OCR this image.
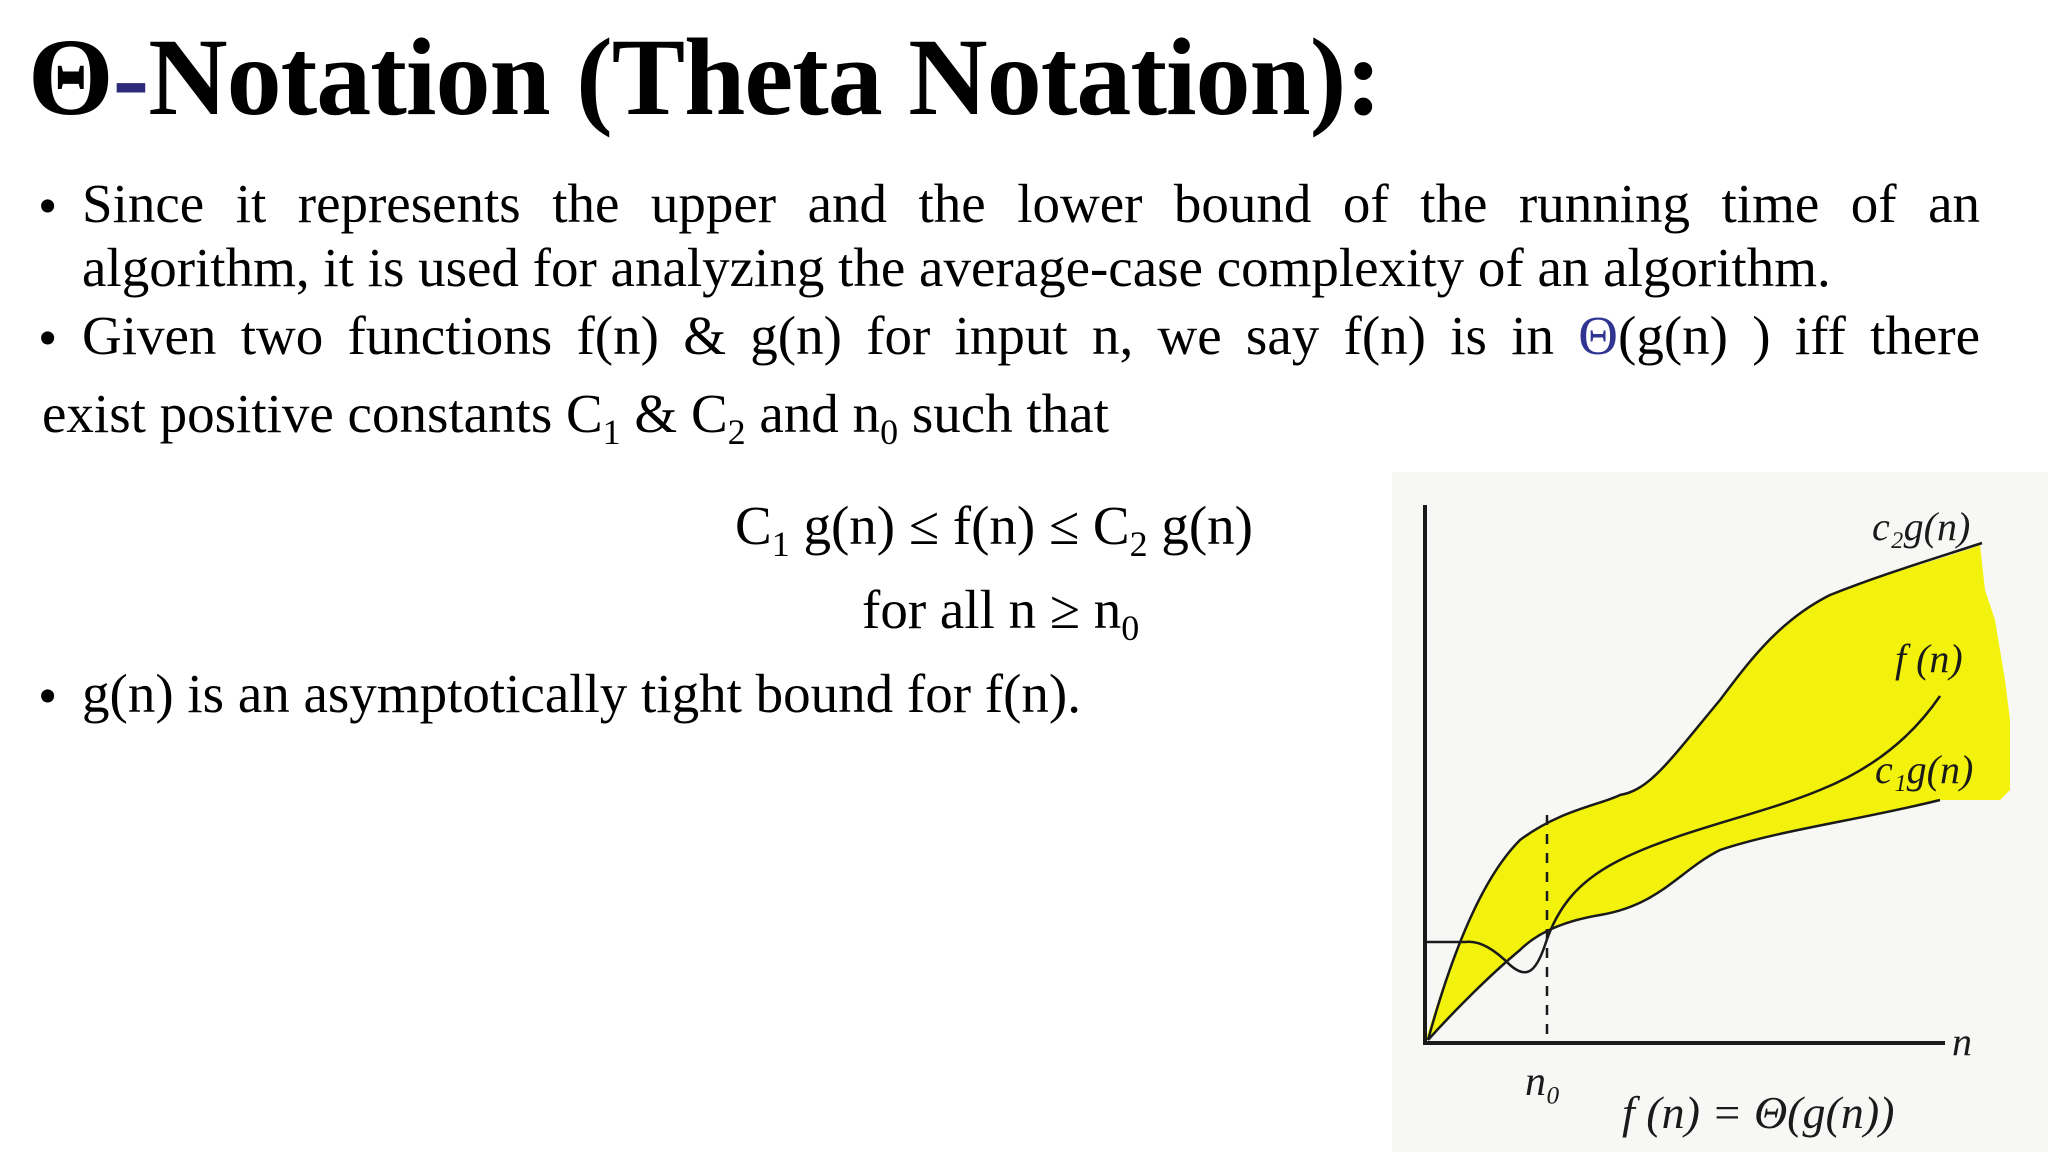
Θ-Notation (Theta Notation):
• Since it represents the upper and the lower bound of the running time of an
algorithm, it is used for analyzing the average-case complexity of an algorithm.
• Given two functions f(n) & g(n) for input n, we say f(n) is in Θ(g(n) ) iff there
exist positive constants $C_1$ & $C_2$ and $n_0$ such that
$C_1$ $g(n) \le f(n) \le C_2$ g(n)
for all $n \ge n_0$
• g(n) is an asymptotically tight bound for f(n).
c₂g(n)
f (n)
c₁g(n)
n
n₀
f (n) = Θ(g(n))
